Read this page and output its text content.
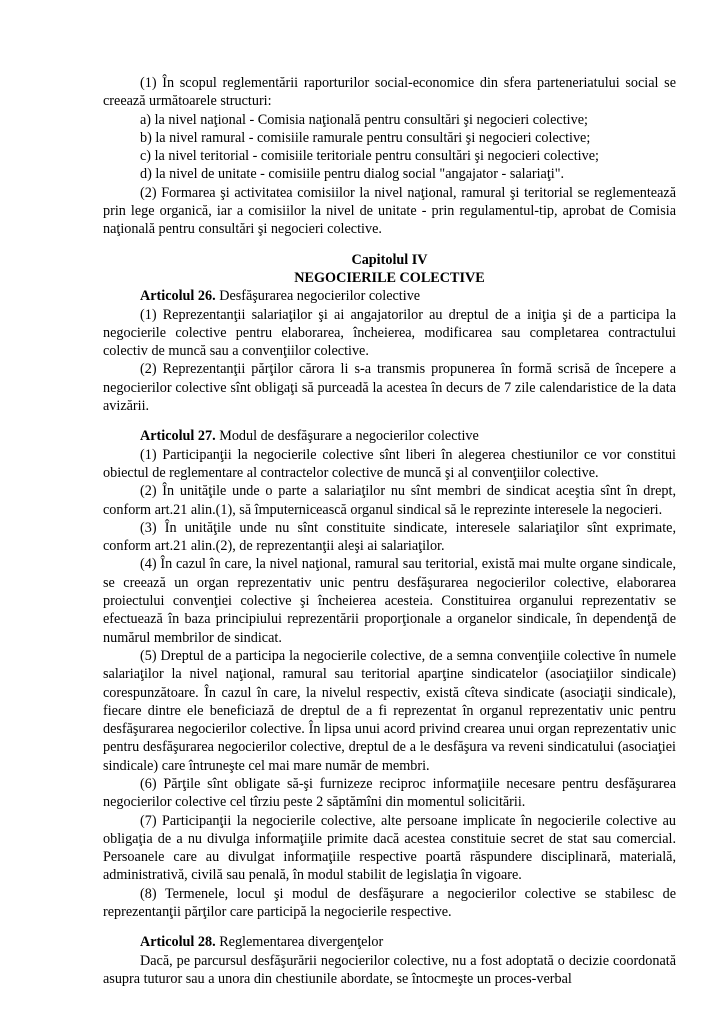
(1) În scopul reglementării raporturilor social-economice din sfera parteneriatului social se creează următoarele structuri:

a) la nivel naţional - Comisia naţională pentru consultări şi negocieri colective;

b) la nivel ramural - comisiile ramurale pentru consultări şi negocieri colective;

c) la nivel teritorial - comisiile teritoriale pentru consultări şi negocieri colective;

d) la nivel de unitate - comisiile pentru dialog social "angajator - salariaţi".

(2) Formarea şi activitatea comisiilor la nivel naţional, ramural şi teritorial se reglementează prin lege organică, iar a comisiilor la nivel de unitate - prin regulamentul-tip, aprobat de Comisia naţională pentru consultări şi negocieri colective.

Capitolul IV

NEGOCIERILE COLECTIVE

Articolul 26. Desfăşurarea negocierilor colective

(1) Reprezentanţii salariaţilor şi ai angajatorilor au dreptul de a iniţia şi de a participa la negocierile colective pentru elaborarea, încheierea, modificarea sau completarea contractului colectiv de muncă sau a convenţiilor colective.

(2) Reprezentanţii părţilor cărora li s-a transmis propunerea în formă scrisă de începere a negocierilor colective sînt obligaţi să purceadă la acestea în decurs de 7 zile calendaristice de la data avizării.

Articolul 27. Modul de desfăşurare a negocierilor colective

(1) Participanţii la negocierile colective sînt liberi în alegerea chestiunilor ce vor constitui obiectul de reglementare al contractelor colective de muncă şi al convenţiilor colective.

(2) În unităţile unde o parte a salariaţilor nu sînt membri de sindicat aceştia sînt în drept, conform art.21 alin.(1), să împuternicească organul sindical să le reprezinte interesele la negocieri.

(3) În unităţile unde nu sînt constituite sindicate, interesele salariaţilor sînt exprimate, conform art.21 alin.(2), de reprezentanţii aleşi ai salariaţilor.

(4) În cazul în care, la nivel naţional, ramural sau teritorial, există mai multe organe sindicale, se creează un organ reprezentativ unic pentru desfăşurarea negocierilor colective, elaborarea proiectului convenţiei colective şi încheierea acesteia. Constituirea organului reprezentativ se efectuează în baza principiului reprezentării proporţionale a organelor sindicale, în dependenţă de numărul membrilor de sindicat.

(5) Dreptul de a participa la negocierile colective, de a semna convenţiile colective în numele salariaţilor la nivel naţional, ramural sau teritorial aparţine sindicatelor (asociaţiilor sindicale) corespunzătoare. În cazul în care, la nivelul respectiv, există cîteva sindicate (asociaţii sindicale), fiecare dintre ele beneficiază de dreptul de a fi reprezentat în organul reprezentativ unic pentru desfăşurarea negocierilor colective. În lipsa unui acord privind crearea unui organ reprezentativ unic pentru desfăşurarea negocierilor colective, dreptul de a le desfăşura va reveni sindicatului (asociaţiei sindicale) care întruneşte cel mai mare număr de membri.

(6) Părţile sînt obligate să-şi furnizeze reciproc informaţiile necesare pentru desfăşurarea negocierilor colective cel tîrziu peste 2 săptămîni din momentul solicitării.

(7) Participanţii la negocierile colective, alte persoane implicate în negocierile colective au obligaţia de a nu divulga informaţiile primite dacă acestea constituie secret de stat sau comercial. Persoanele care au divulgat informaţiile respective poartă răspundere disciplinară, materială, administrativă, civilă sau penală, în modul stabilit de legislaţia în vigoare.

(8) Termenele, locul şi modul de desfăşurare a negocierilor colective se stabilesc de reprezentanţii părţilor care participă la negocierile respective.

Articolul 28. Reglementarea divergenţelor

Dacă, pe parcursul desfăşurării negocierilor colective, nu a fost adoptată o decizie coordonată asupra tuturor sau a unora din chestiunile abordate, se întocmeşte un proces-verbal
